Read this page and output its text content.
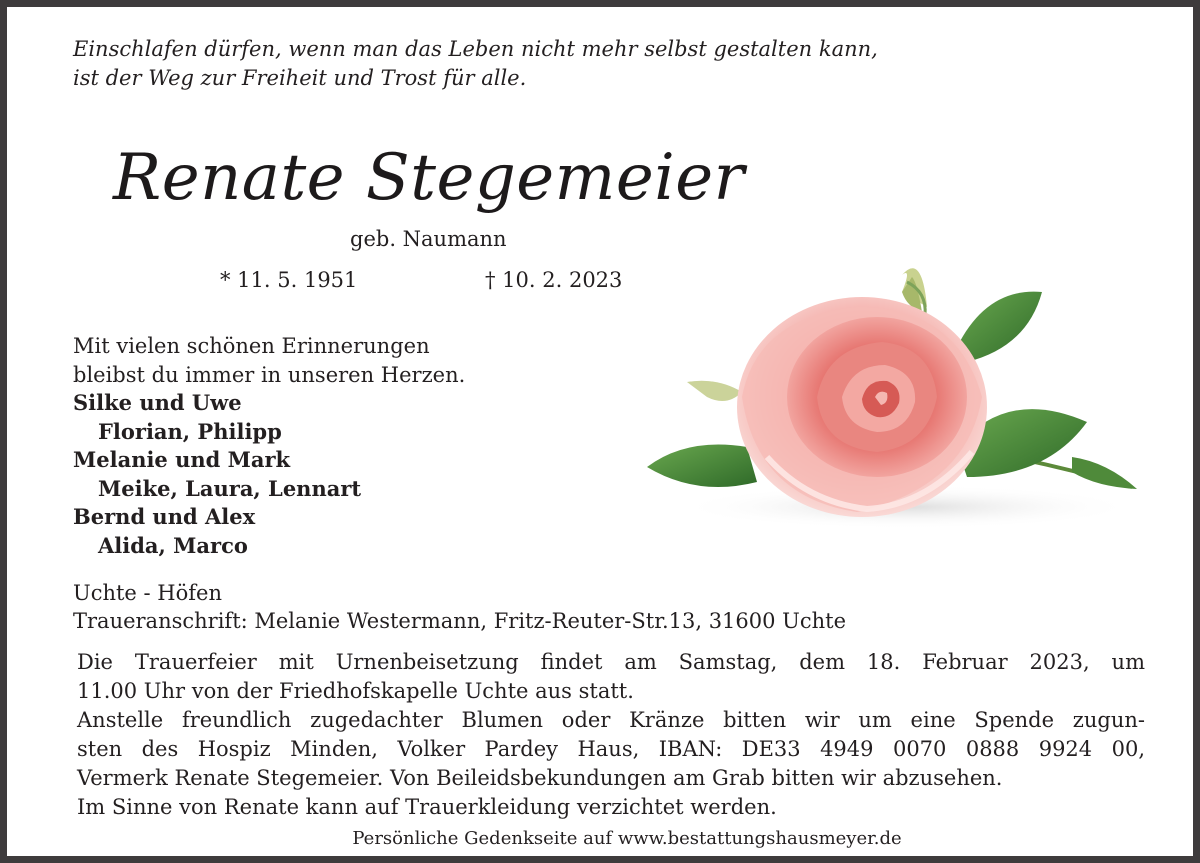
Einschlafen dürfen, wenn man das Leben nicht mehr selbst gestalten kann,
ist der Weg zur Freiheit und Trost für alle.
Renate Stegemeier
geb. Naumann
* 11. 5. 1951	† 10. 2. 2023
Mit vielen schönen Erinnerungen
bleibst du immer in unseren Herzen.
Silke und Uwe
Florian, Philipp
Melanie und Mark
Meike, Laura, Lennart
Bernd und Alex
Alida, Marco
Uchte - Höfen
Traueranschrift: Melanie Westermann, Fritz-Reuter-Str.13, 31600 Uchte
Die Trauerfeier mit Urnenbeisetzung findet am Samstag, dem 18. Februar 2023, um
11.00 Uhr von der Friedhofskapelle Uchte aus statt.
Anstelle freundlich zugedachter Blumen oder Kränze bitten wir um eine Spende zugun-
sten des Hospiz Minden, Volker Pardey Haus, IBAN: DE33 4949 0070 0888 9924 00,
Vermerk Renate Stegemeier. Von Beileidsbekundungen am Grab bitten wir abzusehen.
Im Sinne von Renate kann auf Trauerkleidung verzichtet werden.
Persönliche Gedenkseite auf www.bestattungshausmeyer.de
